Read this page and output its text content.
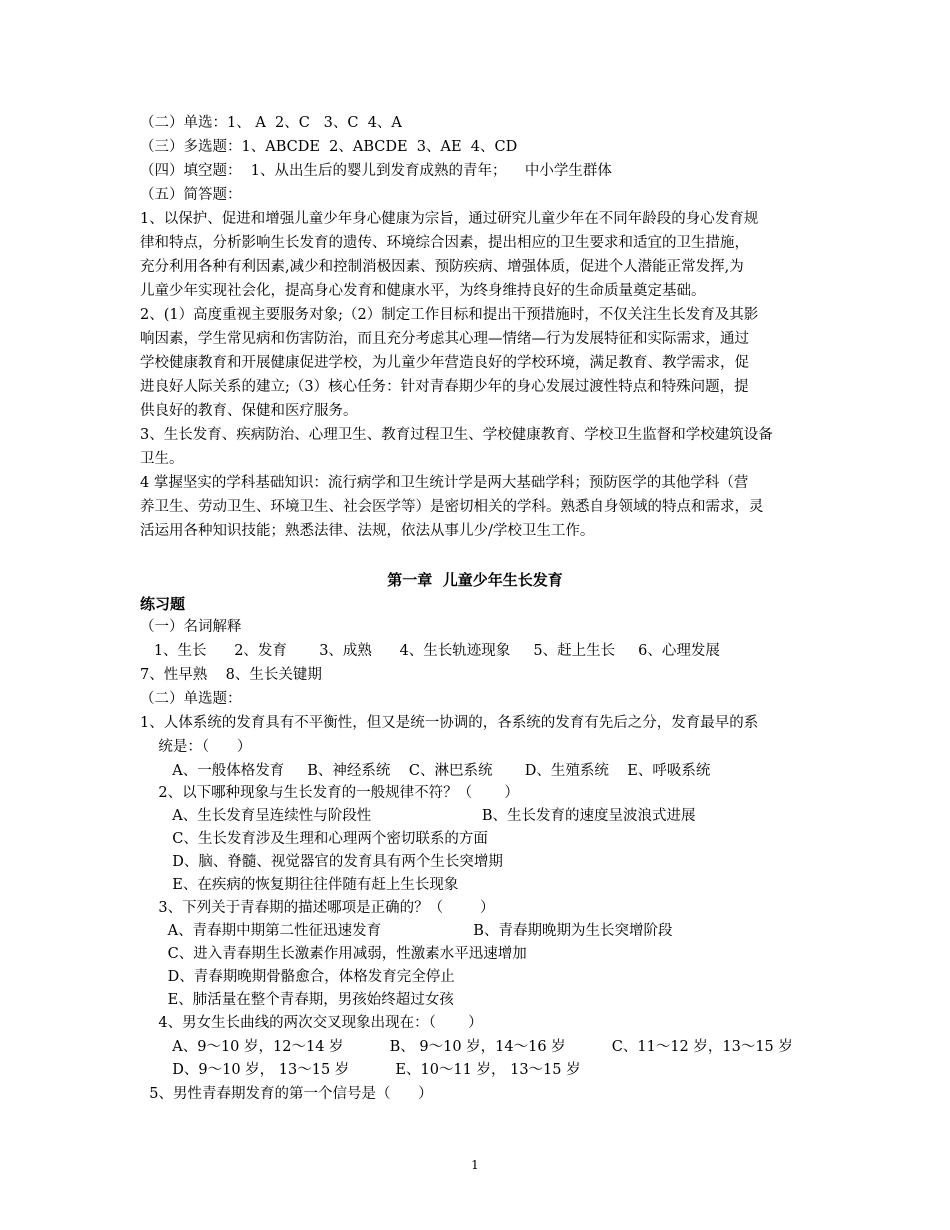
（二）单选：1、 A  2、C   3、C  4、A
（三）多选题：1、ABCDE  2、ABCDE  3、AE  4、CD
（四）填空题：  1、从出生后的婴儿到发育成熟的青年；    中小学生群体
（五）简答题：
1、以保护、促进和增强儿童少年身心健康为宗旨，通过研究儿童少年在不同年龄段的身心发育规
律和特点，分析影响生长发育的遗传、环境综合因素，提出相应的卫生要求和适宜的卫生措施，
充分利用各种有利因素,减少和控制消极因素、预防疾病、增强体质，促进个人潜能正常发挥,为
儿童少年实现社会化，提高身心发育和健康水平，为终身维持良好的生命质量奠定基础。
2、(1）高度重视主要服务对象;（2）制定工作目标和提出干预措施时，不仅关注生长发育及其影
响因素，学生常见病和伤害防治，而且充分考虑其心理—情绪—行为发展特征和实际需求，通过
学校健康教育和开展健康促进学校，为儿童少年营造良好的学校环境，满足教育、教学需求，促
进良好人际关系的建立;（3）核心任务：针对青春期少年的身心发展过渡性特点和特殊问题，提
供良好的教育、保健和医疗服务。
3、生长发育、疾病防治、心理卫生、教育过程卫生、学校健康教育、学校卫生监督和学校建筑设备
卫生。
4 掌握坚实的学科基础知识：流行病学和卫生统计学是两大基础学科；预防医学的其他学科（营
养卫生、劳动卫生、环境卫生、社会医学等）是密切相关的学科。熟悉自身领域的特点和需求，灵
活运用各种知识技能；熟悉法律、法规，依法从事儿少/学校卫生工作。
第一章  儿童少年生长发育
练习题
（一）名词解释
1、生长      2、发育       3、成熟      4、生长轨迹现象     5、赶上生长     6、心理发展
7、性早熟    8、生长关键期
（二）单选题：
1、人体系统的发育具有不平衡性，但又是统一协调的，各系统的发育有先后之分，发育最早的系
统是：（      ）
A、一般体格发育     B、神经系统    C、淋巴系统       D、生殖系统    E、呼吸系统
2、以下哪种现象与生长发育的一般规律不符？（       ）
A、生长发育呈连续性与阶段性                        B、生长发育的速度呈波浪式进展
C、生长发育涉及生理和心理两个密切联系的方面
D、脑、脊髓、视觉器官的发育具有两个生长突增期
E、在疾病的恢复期往往伴随有赶上生长现象
3、下列关于青春期的描述哪项是正确的？（        ）
A、青春期中期第二性征迅速发育                    B、青春期晚期为生长突增阶段
C、进入青春期生长激素作用减弱，性激素水平迅速增加
D、青春期晚期骨骼愈合，体格发育完全停止
E、肺活量在整个青春期，男孩始终超过女孩
4、男女生长曲线的两次交叉现象出现在：（       ）
A、9～10 岁，12～14 岁          B、 9～10 岁，14～16 岁          C、11～12 岁，13～15 岁
D、9～10 岁， 13～15 岁          E、10～11 岁， 13～15 岁
5、男性青春期发育的第一个信号是（      ）
1
